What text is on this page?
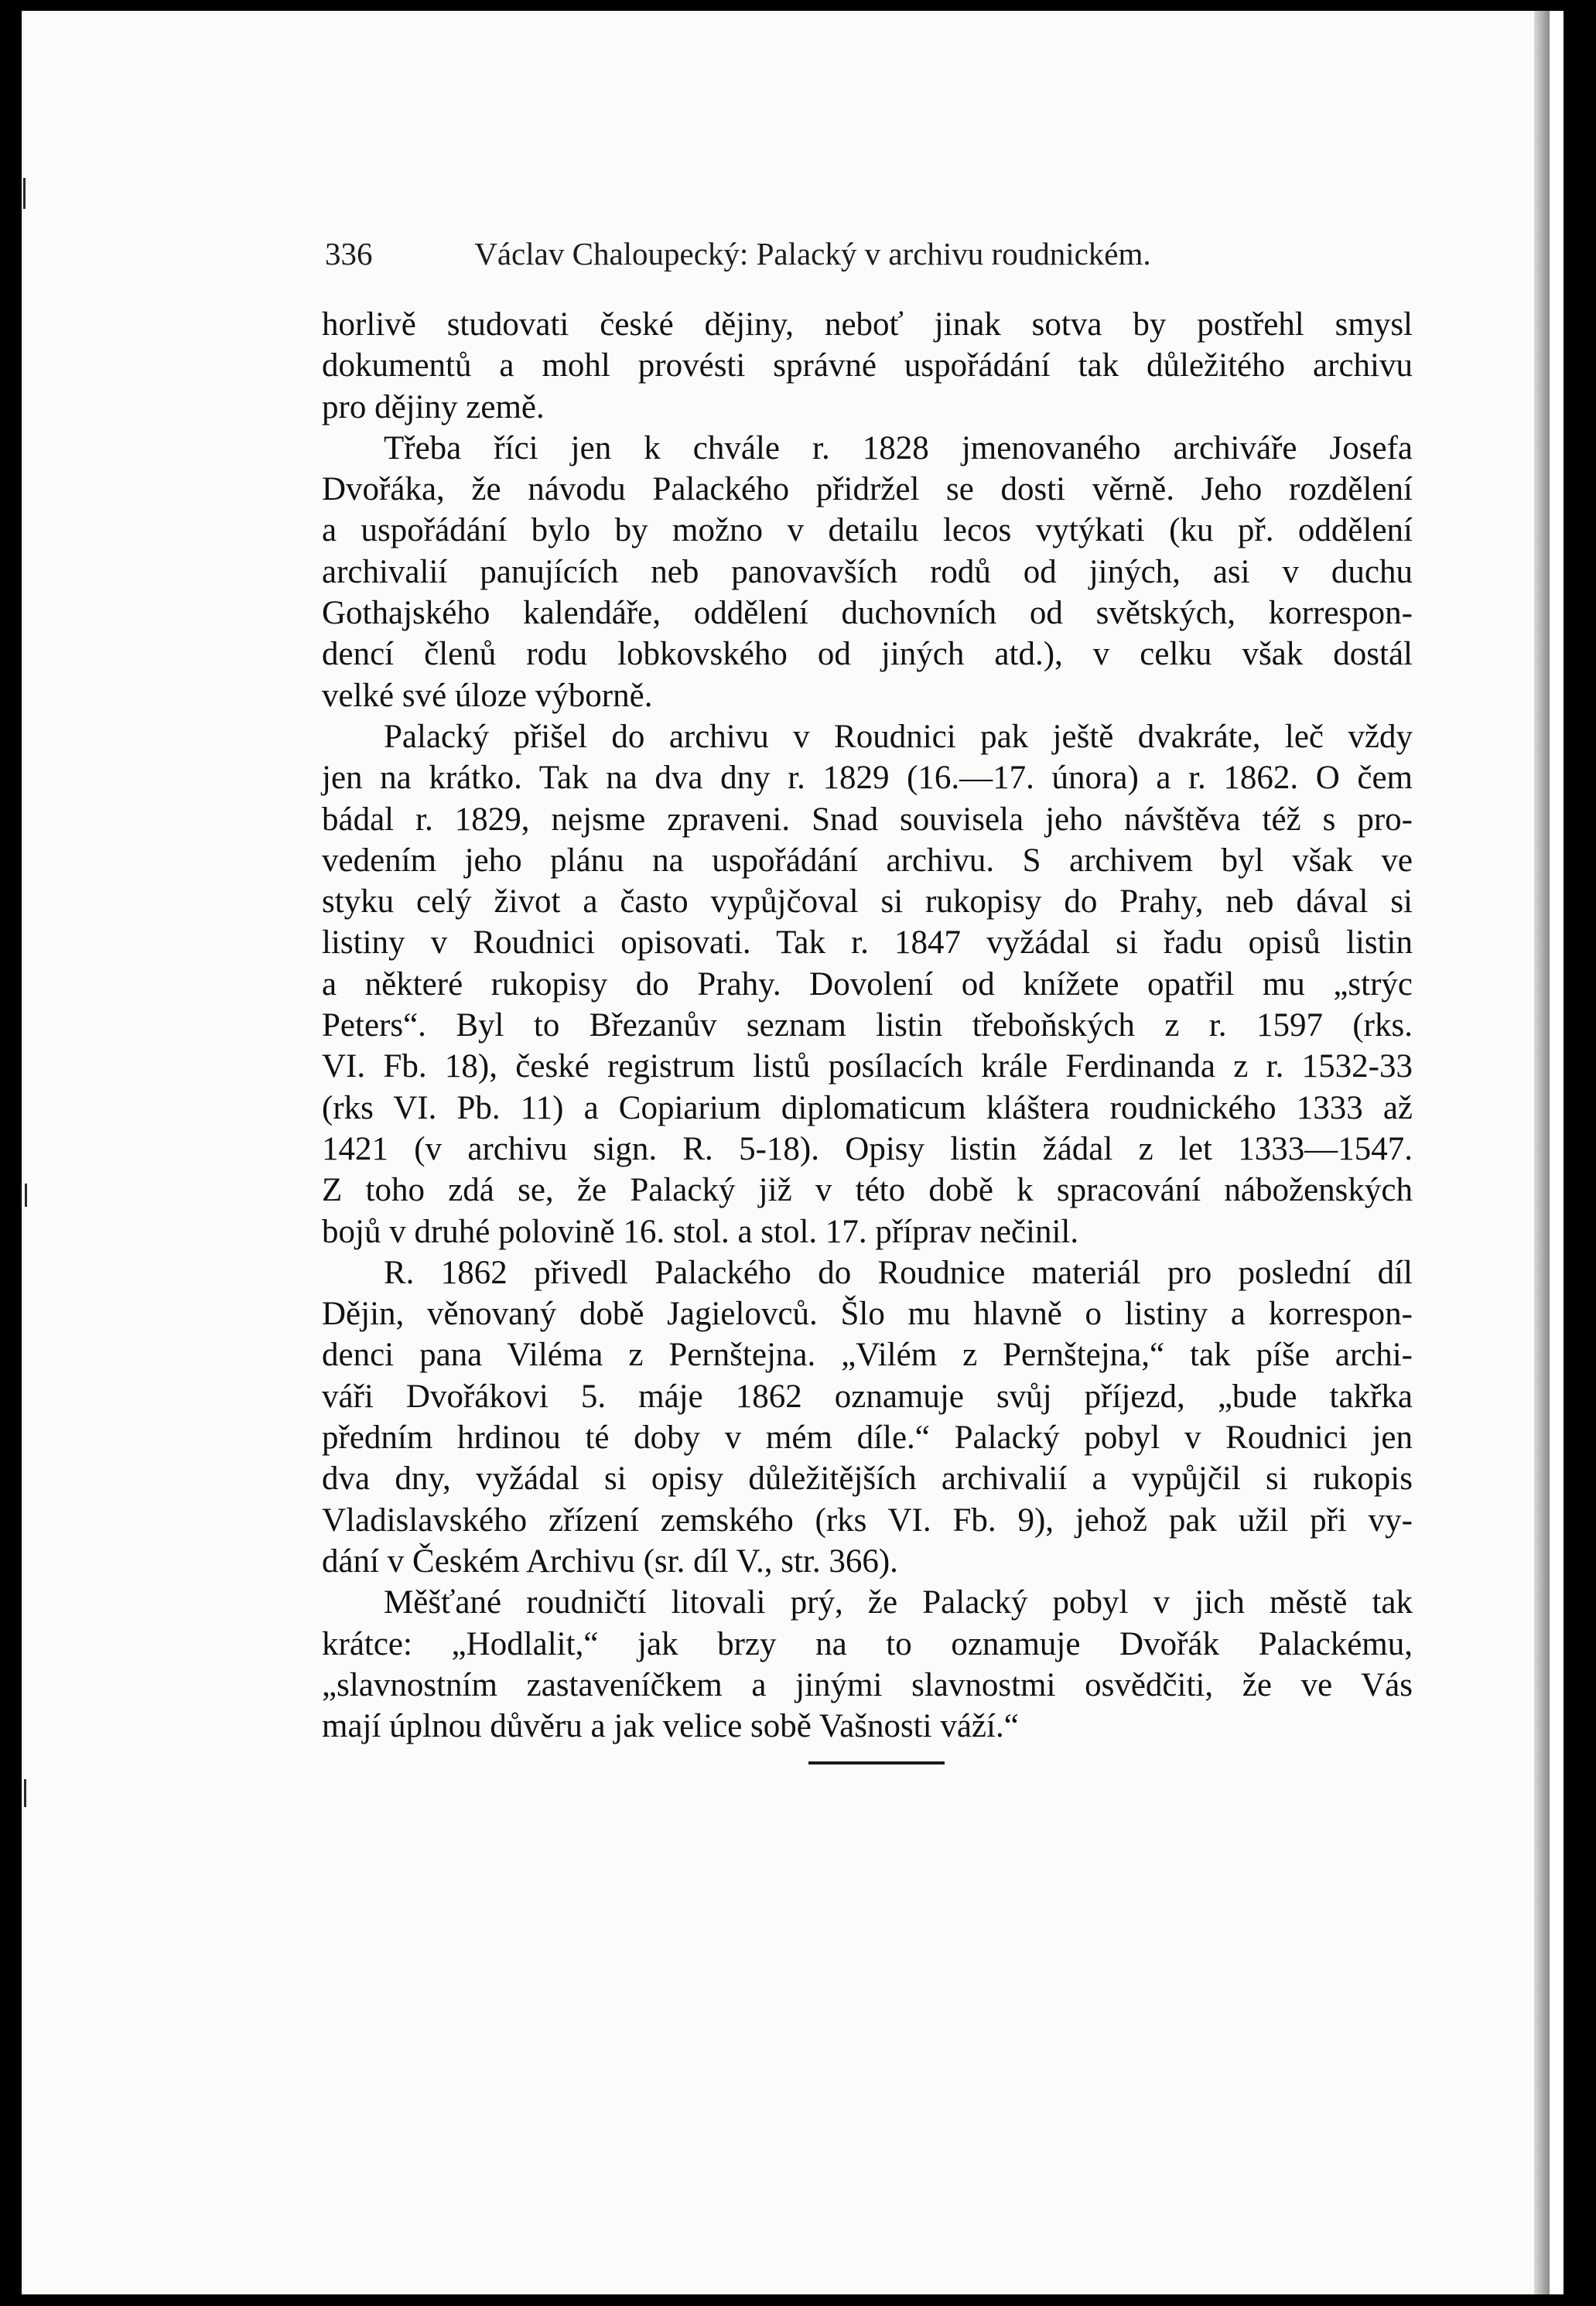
336	Václav Chaloupecký: Palacký v archivu roudnickém.
horlivě studovati české dějiny, neboť jinak sotva by postřehl smysl
dokumentů a mohl provésti správné uspořádání tak důležitého archivu
pro dějiny země.
Třeba říci jen k chvále r. 1828 jmenovaného archiváře Josefa
Dvořáka, že návodu Palackého přidržel se dosti věrně. Jeho rozdělení
a uspořádání bylo by možno v detailu lecos vytýkati (ku př. oddělení
archivalií panujících neb panovavších rodů od jiných, asi v duchu
Gothajského kalendáře, oddělení duchovních od světských, korrespon-
dencí členů rodu lobkovského od jiných atd.), v celku však dostál
velké své úloze výborně.
Palacký přišel do archivu v Roudnici pak ještě dvakráte, leč vždy
jen na krátko. Tak na dva dny r. 1829 (16.—17. února) a r. 1862. O čem
bádal r. 1829, nejsme zpraveni. Snad souvisela jeho návštěva též s pro-
vedením jeho plánu na uspořádání archivu. S archivem byl však ve
styku celý život a často vypůjčoval si rukopisy do Prahy, neb dával si
listiny v Roudnici opisovati. Tak r. 1847 vyžádal si řadu opisů listin
a některé rukopisy do Prahy. Dovolení od knížete opatřil mu „strýc
Peters“. Byl to Březanův seznam listin třeboňských z r. 1597 (rks.
VI. Fb. 18), české registrum listů posílacích krále Ferdinanda z r. 1532-33
(rks VI. Pb. 11) a Copiarium diplomaticum kláštera roudnického 1333 až
1421 (v archivu sign. R. 5-18). Opisy listin žádal z let 1333—1547.
Z toho zdá se, že Palacký již v této době k spracování náboženských
bojů v druhé polovině 16. stol. a stol. 17. příprav nečinil.
R. 1862 přivedl Palackého do Roudnice materiál pro poslední díl
Dějin, věnovaný době Jagielovců. Šlo mu hlavně o listiny a korrespon-
denci pana Viléma z Pernštejna. „Vilém z Pernštejna,“ tak píše archi-
váři Dvořákovi 5. máje 1862 oznamuje svůj příjezd, „bude takřka
předním hrdinou té doby v mém díle.“ Palacký pobyl v Roudnici jen
dva dny, vyžádal si opisy důležitějších archivalií a vypůjčil si rukopis
Vladislavského zřízení zemského (rks VI. Fb. 9), jehož pak užil při vy-
dání v Českém Archivu (sr. díl V., str. 366).
Měšťané roudničtí litovali prý, že Palacký pobyl v jich městě tak
krátce: „Hodlalit,“ jak brzy na to oznamuje Dvořák Palackému,
„slavnostním zastaveníčkem a jinými slavnostmi osvědčiti, že ve Vás
mají úplnou důvěru a jak velice sobě Vašnosti váží.“
